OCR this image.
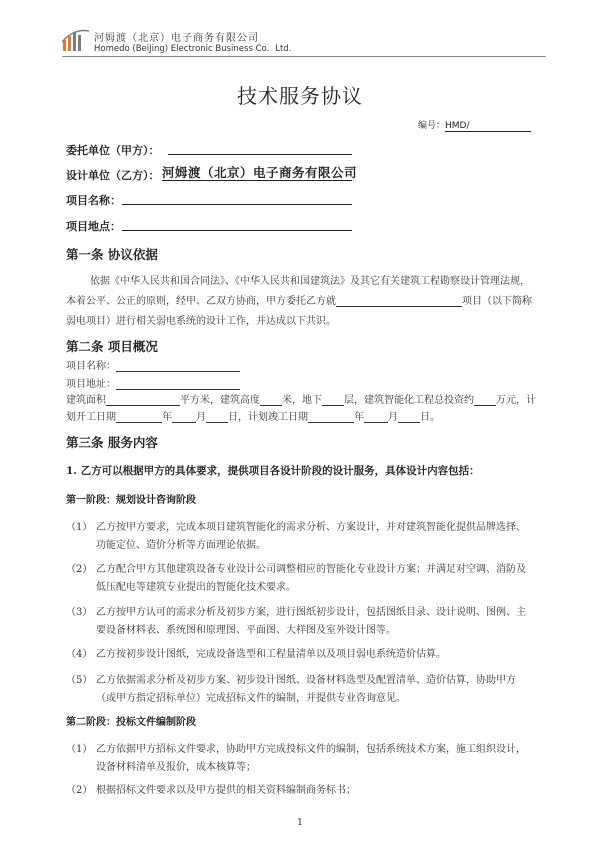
河姆渡（北京）电子商务有限公司
Homedo (BeiJing) Electronic Business Co．Ltd.
技术服务协议
编号：HMD/
委托单位（甲方）：
设计单位（乙方）： 河姆渡（北京）电子商务有限公司
项目名称：
项目地点：
第一条 协议依据
依据《中华人民共和国合同法》、《中华人民共和国建筑法》及其它有关建筑工程勘察设计管理法规，
本着公平、公正的原则，经甲、乙双方协商，甲方委托乙方就	项目（以下简称
弱电项目）进行相关弱电系统的设计工作，并达成以下共识。
第二条 项目概况
项目名称：
项目地址：
建筑面积	平方米，建筑高度 米，地下 层，建筑智能化工程总投资约 万元，计
划开工日期	年 月 日，计划竣工日期	年 月 日。
第三条 服务内容
1. 乙方可以根据甲方的具体要求，提供项目各设计阶段的设计服务，具体设计内容包括：
第一阶段：规划设计咨询阶段
（1） 乙方按甲方要求，完成本项目建筑智能化的需求分析、方案设计，并对建筑智能化提供品牌选择、
功能定位、造价分析等方面理论依据。
（2） 乙方配合甲方其他建筑设备专业设计公司调整相应的智能化专业设计方案；并满足对空调、消防及
低压配电等建筑专业提出的智能化技术要求。
（3） 乙方按甲方认可的需求分析及初步方案，进行图纸初步设计，包括图纸目录、设计说明、图例、主
要设备材料表、系统图和原理图、平面图、大样图及室外设计图等。
（4） 乙方按初步设计图纸，完成设备选型和工程量清单以及项目弱电系统造价估算。
（5） 乙方依据需求分析及初步方案、初步设计图纸、设备材料选型及配置清单、造价估算，协助甲方
（或甲方指定招标单位）完成招标文件的编制，并提供专业咨询意见。
第二阶段：投标文件编制阶段
（1） 乙方依据甲方招标文件要求，协助甲方完成投标文件的编制，包括系统技术方案，施工组织设计，
设备材料清单及报价，成本核算等；
（2） 根据招标文件要求以及甲方提供的相关资料编制商务标书；
1
